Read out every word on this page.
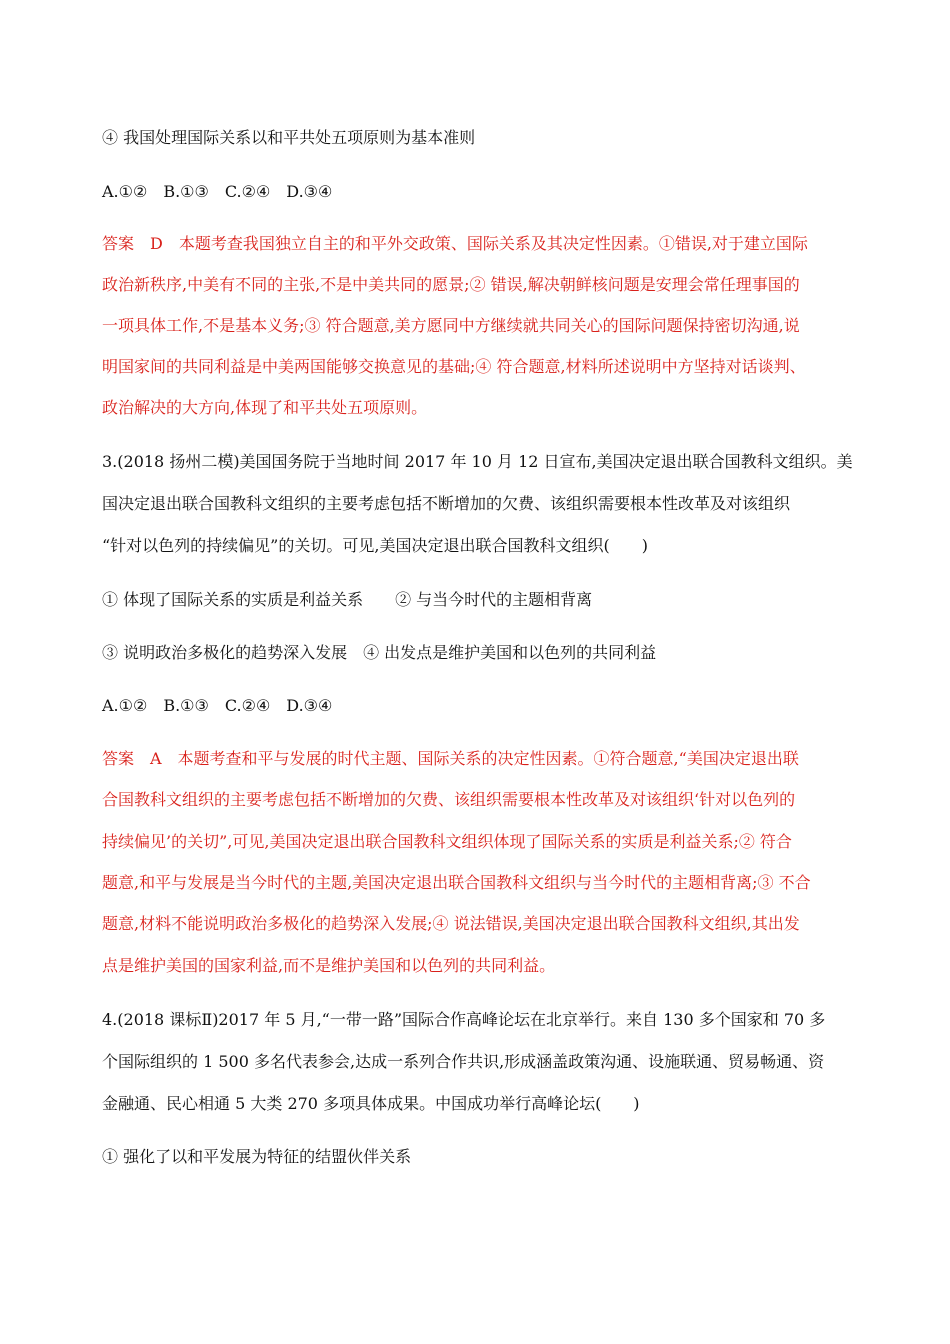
④ 我国处理国际关系以和平共处五项原则为基本准则
A.①②　B.①③　C.②④　D.③④
答案　D　本题考查我国独立自主的和平外交政策、国际关系及其决定性因素。①错误,对于建立国际
政治新秩序,中美有不同的主张,不是中美共同的愿景;② 错误,解决朝鲜核问题是安理会常任理事国的
一项具体工作,不是基本义务;③ 符合题意,美方愿同中方继续就共同关心的国际问题保持密切沟通,说
明国家间的共同利益是中美两国能够交换意见的基础;④ 符合题意,材料所述说明中方坚持对话谈判、
政治解决的大方向,体现了和平共处五项原则。
3.(2018 扬州二模)美国国务院于当地时间 2017 年 10 月 12 日宣布,美国决定退出联合国教科文组织。美
国决定退出联合国教科文组织的主要考虑包括不断增加的欠费、该组织需要根本性改革及对该组织
“针对以色列的持续偏见”的关切。可见,美国决定退出联合国教科文组织(　　)
① 体现了国际关系的实质是利益关系　　② 与当今时代的主题相背离
③ 说明政治多极化的趋势深入发展　④ 出发点是维护美国和以色列的共同利益
A.①②　B.①③　C.②④　D.③④
答案　A　本题考查和平与发展的时代主题、国际关系的决定性因素。①符合题意,“美国决定退出联
合国教科文组织的主要考虑包括不断增加的欠费、该组织需要根本性改革及对该组织‘针对以色列的
持续偏见’的关切”,可见,美国决定退出联合国教科文组织体现了国际关系的实质是利益关系;② 符合
题意,和平与发展是当今时代的主题,美国决定退出联合国教科文组织与当今时代的主题相背离;③ 不合
题意,材料不能说明政治多极化的趋势深入发展;④ 说法错误,美国决定退出联合国教科文组织,其出发
点是维护美国的国家利益,而不是维护美国和以色列的共同利益。
4.(2018 课标Ⅱ)2017 年 5 月,“一带一路”国际合作高峰论坛在北京举行。来自 130 多个国家和 70 多
个国际组织的 1 500 多名代表参会,达成一系列合作共识,形成涵盖政策沟通、设施联通、贸易畅通、资
金融通、民心相通 5 大类 270 多项具体成果。中国成功举行高峰论坛(　　)
① 强化了以和平发展为特征的结盟伙伴关系
